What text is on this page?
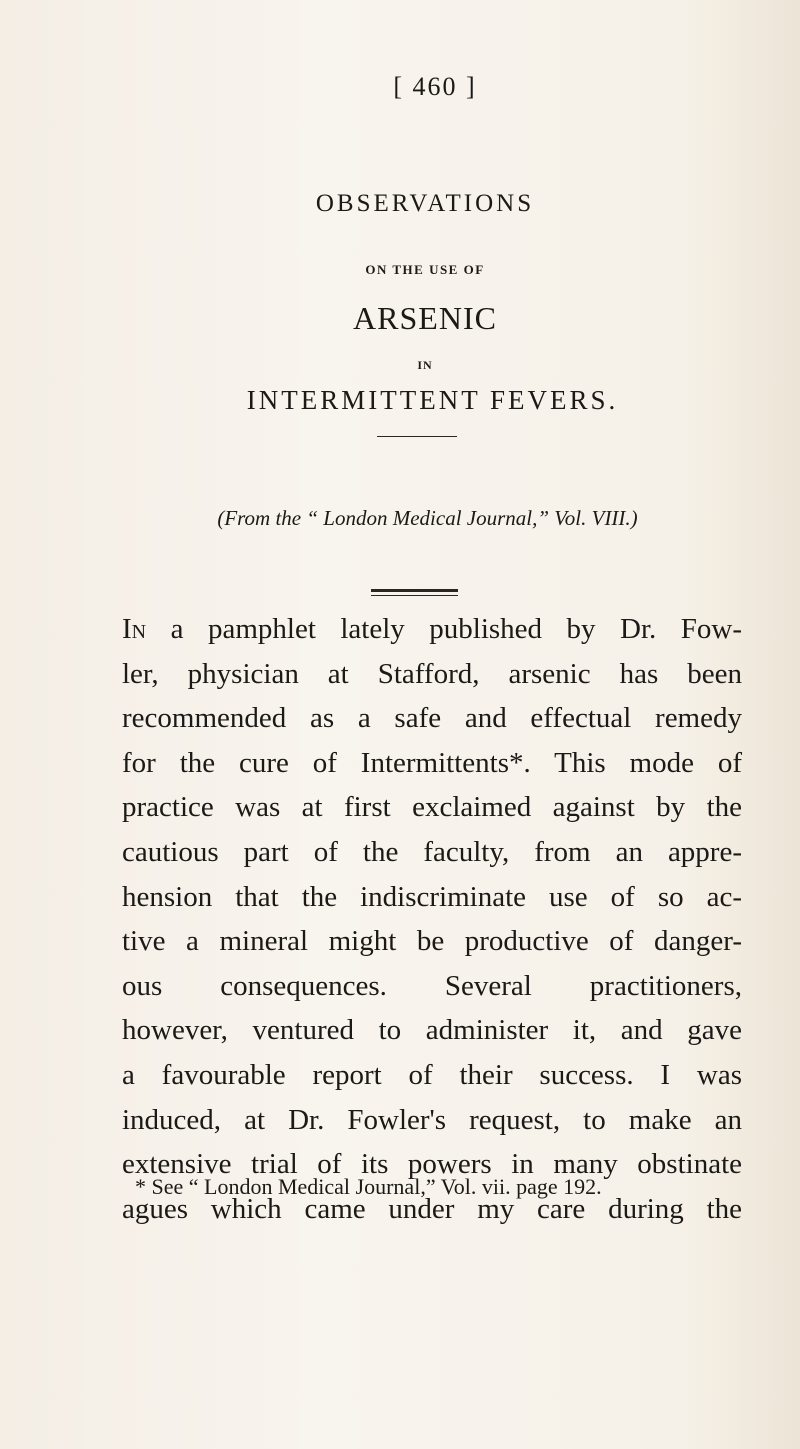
[ 460 ]
OBSERVATIONS
ON THE USE OF
ARSENIC
IN
INTERMITTENT FEVERS.
(From the “ London Medical Journal,” Vol. VIII.)
In a pamphlet lately published by Dr. Fow-
ler, physician at Stafford, arsenic has been
recommended as a safe and effectual remedy
for the cure of Intermittents*. This mode of
practice was at first exclaimed against by the
cautious part of the faculty, from an appre-
hension that the indiscriminate use of so ac-
tive a mineral might be productive of danger-
ous consequences. Several practitioners,
however, ventured to administer it, and gave
a favourable report of their success. I was
induced, at Dr. Fowler's request, to make an
extensive trial of its powers in many obstinate
agues which came under my care during the
* See “ London Medical Journal,” Vol. vii. page 192.
